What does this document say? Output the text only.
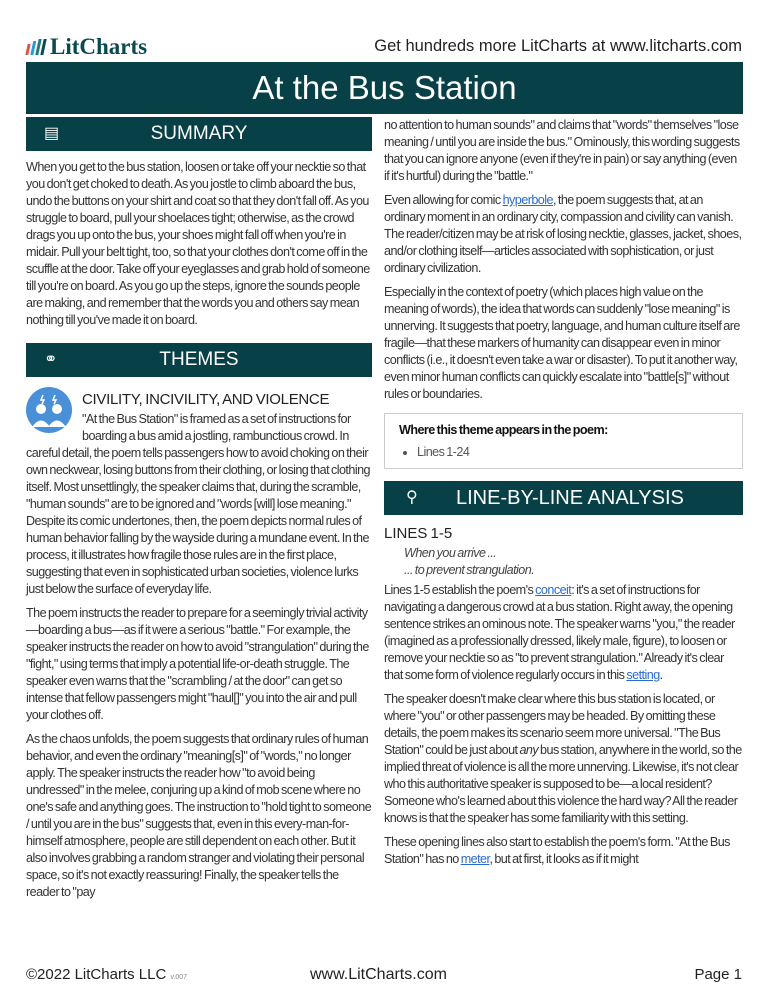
LitCharts	Get hundreds more LitCharts at www.litcharts.com
At the Bus Station
▤	SUMMARY

When you get to the bus station, loosen or take off your necktie so that you don't get choked to death. As you jostle to climb aboard the bus, undo the buttons on your shirt and coat so that they don't fall off. As you struggle to board, pull your shoelaces tight; otherwise, as the crowd drags you up onto the bus, your shoes might fall off when you're in midair. Pull your belt tight, too, so that your clothes don't come off in the scuffle at the door. Take off your eyeglasses and grab hold of someone till you're on board. As you go up the steps, ignore the sounds people are making, and remember that the words you and others say mean nothing till you've made it on board.

⚭	THEMES
CIVILITY, INCIVILITY, AND VIOLENCE

"At the Bus Station" is framed as a set of instructions for boarding a bus amid a jostling, rambunctious crowd. In careful detail, the poem tells passengers how to avoid choking on their own neckwear, losing buttons from their clothing, or losing that clothing itself. Most unsettlingly, the speaker claims that, during the scramble, "human sounds" are to be ignored and "words [will] lose meaning." Despite its comic undertones, then, the poem depicts normal rules of human behavior falling by the wayside during a mundane event. In the process, it illustrates how fragile those rules are in the first place, suggesting that even in sophisticated urban societies, violence lurks just below the surface of everyday life.

The poem instructs the reader to prepare for a seemingly trivial activity—boarding a bus—as if it were a serious "battle." For example, the speaker instructs the reader on how to avoid "strangulation" during the "fight," using terms that imply a potential life-or-death struggle. The speaker even warns that the "scrambling / at the door" can get so intense that fellow passengers might "haul[]" you into the air and pull your clothes off.

As the chaos unfolds, the poem suggests that ordinary rules of human behavior, and even the ordinary "meaning[s]" of "words," no longer apply. The speaker instructs the reader how "to avoid being undressed" in the melee, conjuring up a kind of mob scene where no one's safe and anything goes. The instruction to "hold tight to someone / until you are in the bus" suggests that, even in this every-man-for-himself atmosphere, people are still dependent on each other. But it also involves grabbing a random stranger and violating their personal space, so it's not exactly reassuring! Finally, the speaker tells the reader to "pay

no attention to human sounds" and claims that "words" themselves "lose meaning / until you are inside the bus." Ominously, this wording suggests that you can ignore anyone (even if they're in pain) or say anything (even if it's hurtful) during the "battle."

Even allowing for comic hyperbole, the poem suggests that, at an ordinary moment in an ordinary city, compassion and civility can vanish. The reader/citizen may be at risk of losing necktie, glasses, jacket, shoes, and/or clothing itself—articles associated with sophistication, or just ordinary civilization.

Especially in the context of poetry (which places high value on the meaning of words), the idea that words can suddenly "lose meaning" is unnerving. It suggests that poetry, language, and human culture itself are fragile—that these markers of humanity can disappear even in minor conflicts (i.e., it doesn't even take a war or disaster). To put it another way, even minor human conflicts can quickly escalate into "battle[s]" without rules or boundaries.

Where this theme appears in the poem:
• Lines 1-24
⚲ LINE-BY-LINE ANALYSIS
LINES 1-5
When you arrive ...
... to prevent strangulation.

Lines 1-5 establish the poem's conceit: it's a set of instructions for navigating a dangerous crowd at a bus station. Right away, the opening sentence strikes an ominous note. The speaker warns "you," the reader (imagined as a professionally dressed, likely male, figure), to loosen or remove your necktie so as "to prevent strangulation." Already it's clear that some form of violence regularly occurs in this setting.

The speaker doesn't make clear where this bus station is located, or where "you" or other passengers may be headed. By omitting these details, the poem makes its scenario seem more universal. "The Bus Station" could be just about any bus station, anywhere in the world, so the implied threat of violence is all the more unnerving. Likewise, it's not clear who this authoritative speaker is supposed to be—a local resident? Someone who's learned about this violence the hard way? All the reader knows is that the speaker has some familiarity with this setting.

These opening lines also start to establish the poem's form. "At the Bus Station" has no meter, but at first, it looks as if it might

©2022 LitCharts LLC v.007	www.LitCharts.com	Page 1
